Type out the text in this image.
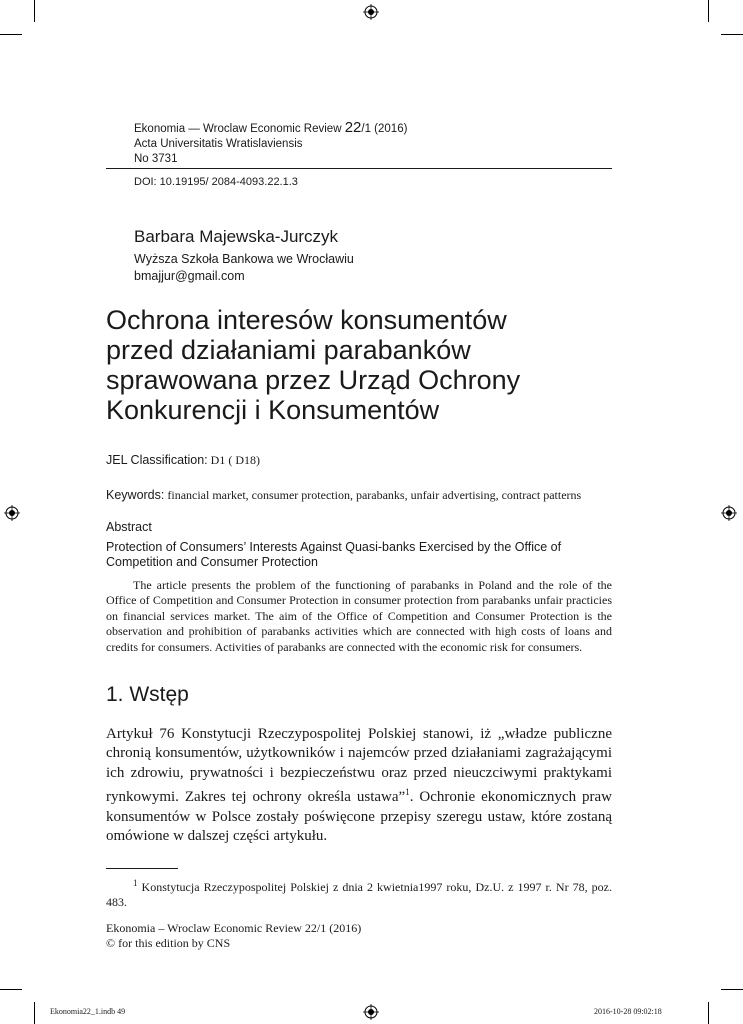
Ekonomia — Wroclaw Economic Review 22/1 (2016)
Acta Universitatis Wratislaviensis
No 3731
DOI: 10.19195/ 2084-4093.22.1.3
Barbara Majewska-Jurczyk
Wyższa Szkoła Bankowa we Wrocławiu
bmajjur@gmail.com
Ochrona interesów konsumentów
przed działaniami parabanków
sprawowana przez Urząd Ochrony
Konkurencji i Konsumentów
JEL Classification: D1 ( D18)
Keywords: financial market, consumer protection, parabanks, unfair advertising, contract patterns
Abstract
Protection of Consumers’ Interests Against Quasi-banks Exercised by the Office of Competition and Consumer Protection
The article presents the problem of the functioning of parabanks in Poland and the role of the Office of Competition and Consumer Protection in consumer protection from parabanks unfair practicies on financial services market. The aim of the Office of Competition and Consumer Protection is the observation and prohibition of parabanks activities which are connected with high costs of loans and credits for consumers. Activities of parabanks are connected with the economic risk for consumers.
1. Wstęp
Artykuł 76 Konstytucji Rzeczypospolitej Polskiej stanowi, iż „władze publiczne chronią konsumentów, użytkowników i najemców przed działaniami zagrażającymi ich zdrowiu, prywatności i bezpieczeństwu oraz przed nieuczciwymi praktykami rynkowymi. Zakres tej ochrony określa ustawa”$^1$. Ochronie ekonomicznych praw konsumentów w Polsce zostały poświęcone przepisy szeregu ustaw, które zostaną omówione w dalszej części artykułu.
$^1$ Konstytucja Rzeczypospolitej Polskiej z dnia 2 kwietnia1997 roku, Dz.U. z 1997 r. Nr 78, poz. 483.
Ekonomia – Wroclaw Economic Review 22/1 (2016)
© for this edition by CNS
Ekonomia22_1.indb 49	2016-10-28 09:02:18
